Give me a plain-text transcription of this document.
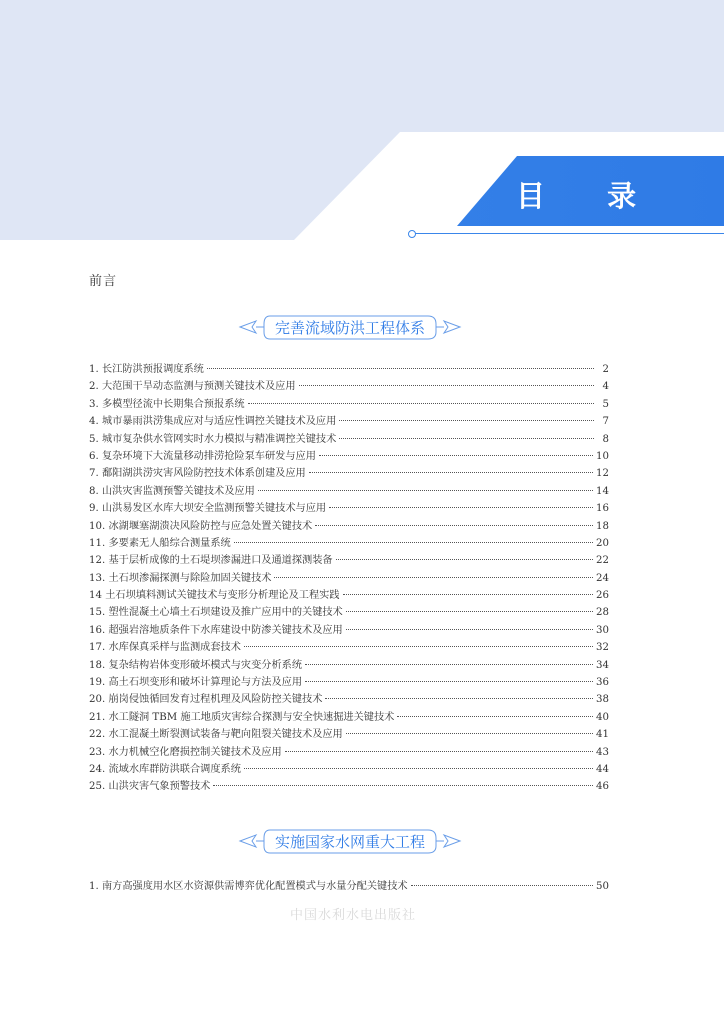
目 录
前言
完善流域防洪工程体系
1. 长江防洪预报调度系统	2
2. 大范围干旱动态监测与预测关键技术及应用	4
3. 多模型径流中长期集合预报系统	5
4. 城市暴雨洪涝集成应对与适应性调控关键技术及应用	7
5. 城市复杂供水管网实时水力模拟与精准调控关键技术	8
6. 复杂环境下大流量移动排涝抢险泵车研发与应用	10
7. 鄱阳湖洪涝灾害风险防控技术体系创建及应用	12
8. 山洪灾害监测预警关键技术及应用	14
9. 山洪易发区水库大坝安全监测预警关键技术与应用	16
10. 冰湖堰塞湖溃决风险防控与应急处置关键技术	18
11. 多要素无人船综合测量系统	20
12. 基于层析成像的土石堤坝渗漏进口及通道探测装备	22
13. 土石坝渗漏探测与除险加固关键技术	24
14 土石坝填料测试关键技术与变形分析理论及工程实践	26
15. 塑性混凝土心墙土石坝建设及推广应用中的关键技术	28
16. 超强岩溶地质条件下水库建设中防渗关键技术及应用	30
17. 水库保真采样与监测成套技术	32
18. 复杂结构岩体变形破坏模式与灾变分析系统	34
19. 高土石坝变形和破坏计算理论与方法及应用	36
20. 崩岗侵蚀循回发育过程机理及风险防控关键技术	38
21. 水工隧洞 TBM 施工地质灾害综合探测与安全快速掘进关键技术	40
22. 水工混凝土断裂测试装备与靶向阻裂关键技术及应用	41
23. 水力机械空化磨损控制关键技术及应用	43
24. 流域水库群防洪联合调度系统	44
25. 山洪灾害气象预警技术	46
实施国家水网重大工程
1. 南方高强度用水区水资源供需博弈优化配置模式与水量分配关键技术	50
中国水利水电出版社
